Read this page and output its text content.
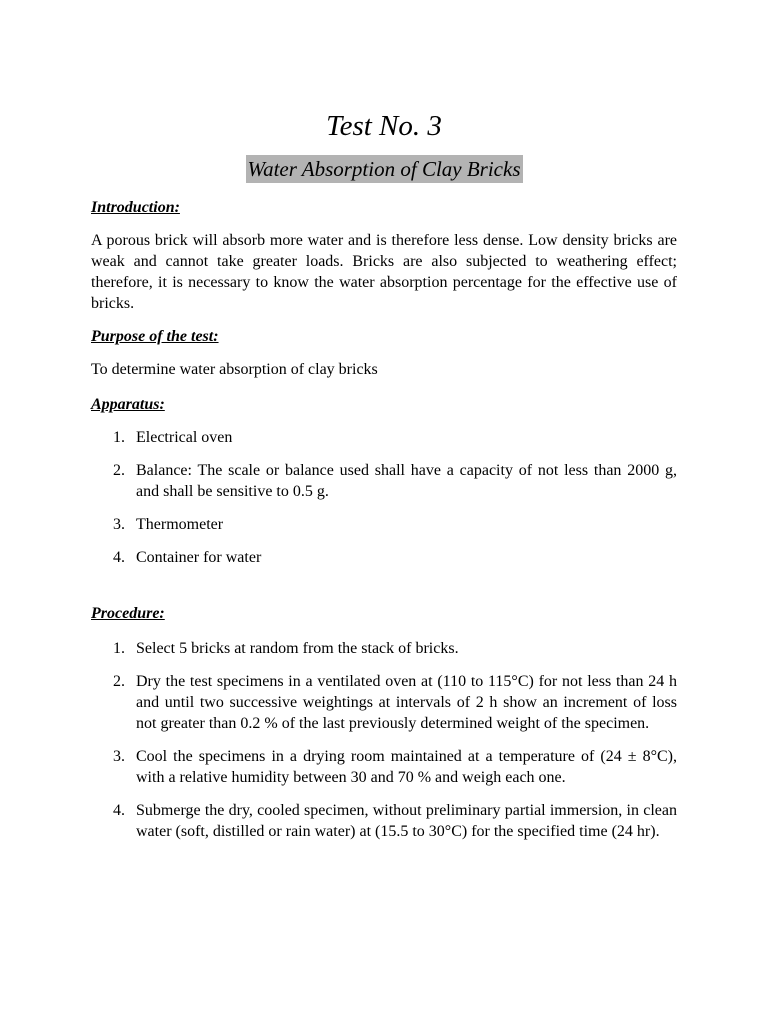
Test No. 3
Water Absorption of Clay Bricks
Introduction:
A porous brick will absorb more water and is therefore less dense. Low density bricks are weak and cannot take greater loads. Bricks are also subjected to weathering effect; therefore, it is necessary to know the water absorption percentage for the effective use of bricks.
Purpose of the test:
To determine water absorption of clay bricks
Apparatus:
1. Electrical oven
2. Balance: The scale or balance used shall have a capacity of not less than 2000 g, and shall be sensitive to 0.5 g.
3. Thermometer
4. Container for water
Procedure:
1. Select 5 bricks at random from the stack of bricks.
2. Dry the test specimens in a ventilated oven at (110 to 115°C) for not less than 24 h and until two successive weightings at intervals of 2 h show an increment of loss not greater than 0.2 % of the last previously determined weight of the specimen.
3. Cool the specimens in a drying room maintained at a temperature of (24 ± 8°C), with a relative humidity between 30 and 70 % and weigh each one.
4. Submerge the dry, cooled specimen, without preliminary partial immersion, in clean water (soft, distilled or rain water) at (15.5 to 30°C) for the specified time (24 hr).
